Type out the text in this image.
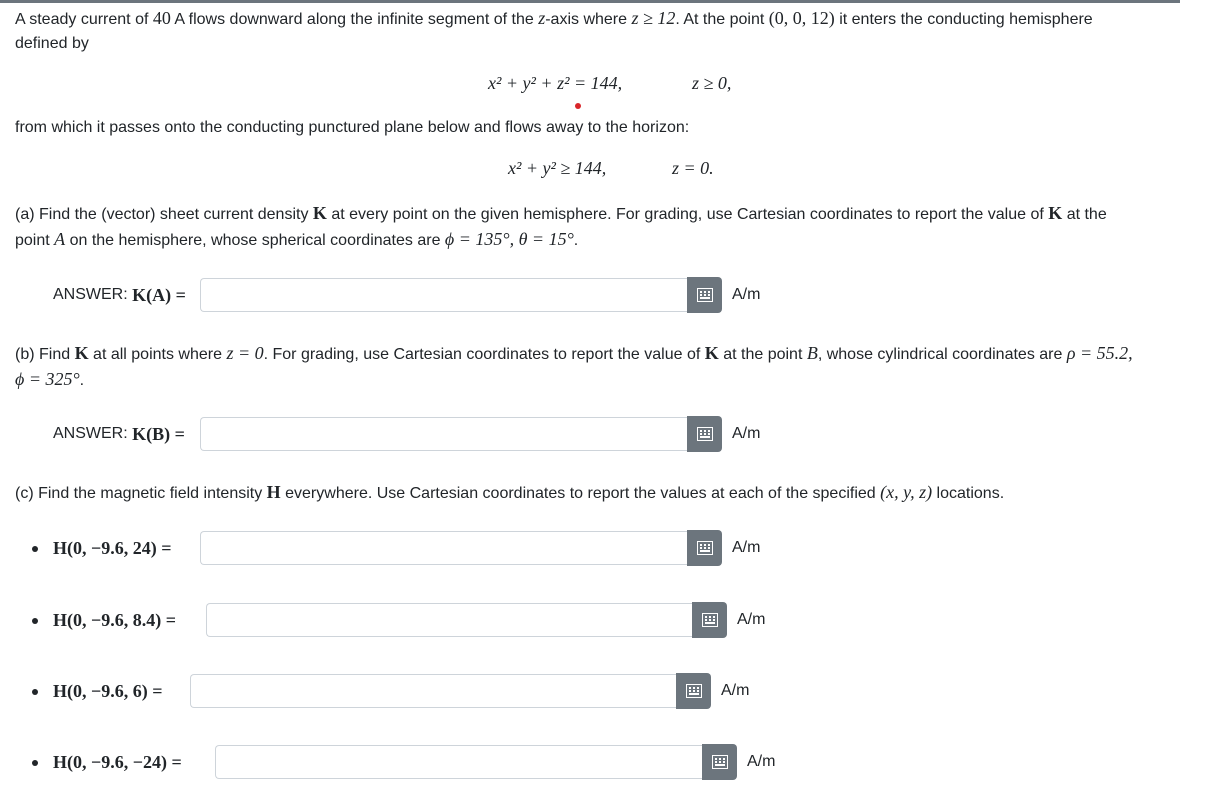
A steady current of 40 A flows downward along the infinite segment of the z-axis where z ≥ 12. At the point (0, 0, 12) it enters the conducting hemisphere

defined by

x² + y² + z² = 144,	z ≥ 0,

from which it passes onto the conducting punctured plane below and flows away to the horizon:

x² + y² ≥ 144,	z = 0.

(a) Find the (vector) sheet current density K at every point on the given hemisphere. For grading, use Cartesian coordinates to report the value of K at the

point A on the hemisphere, whose spherical coordinates are ϕ = 135°, θ = 15°.

ANSWER:
K(A) =	A/m

(b) Find K at all points where z = 0. For grading, use Cartesian coordinates to report the value of K at the point B, whose cylindrical coordinates are ρ = 55.2,

ϕ = 325°.

ANSWER:
K(B) =	A/m

(c) Find the magnetic field intensity H everywhere. Use Cartesian coordinates to report the values at each of the specified (x, y, z) locations.

H(0, −9.6, 24) =	A/m
H(0, −9.6, 8.4) =	A/m
H(0, −9.6, 6) =	A/m
H(0, −9.6, −24) =	A/m
